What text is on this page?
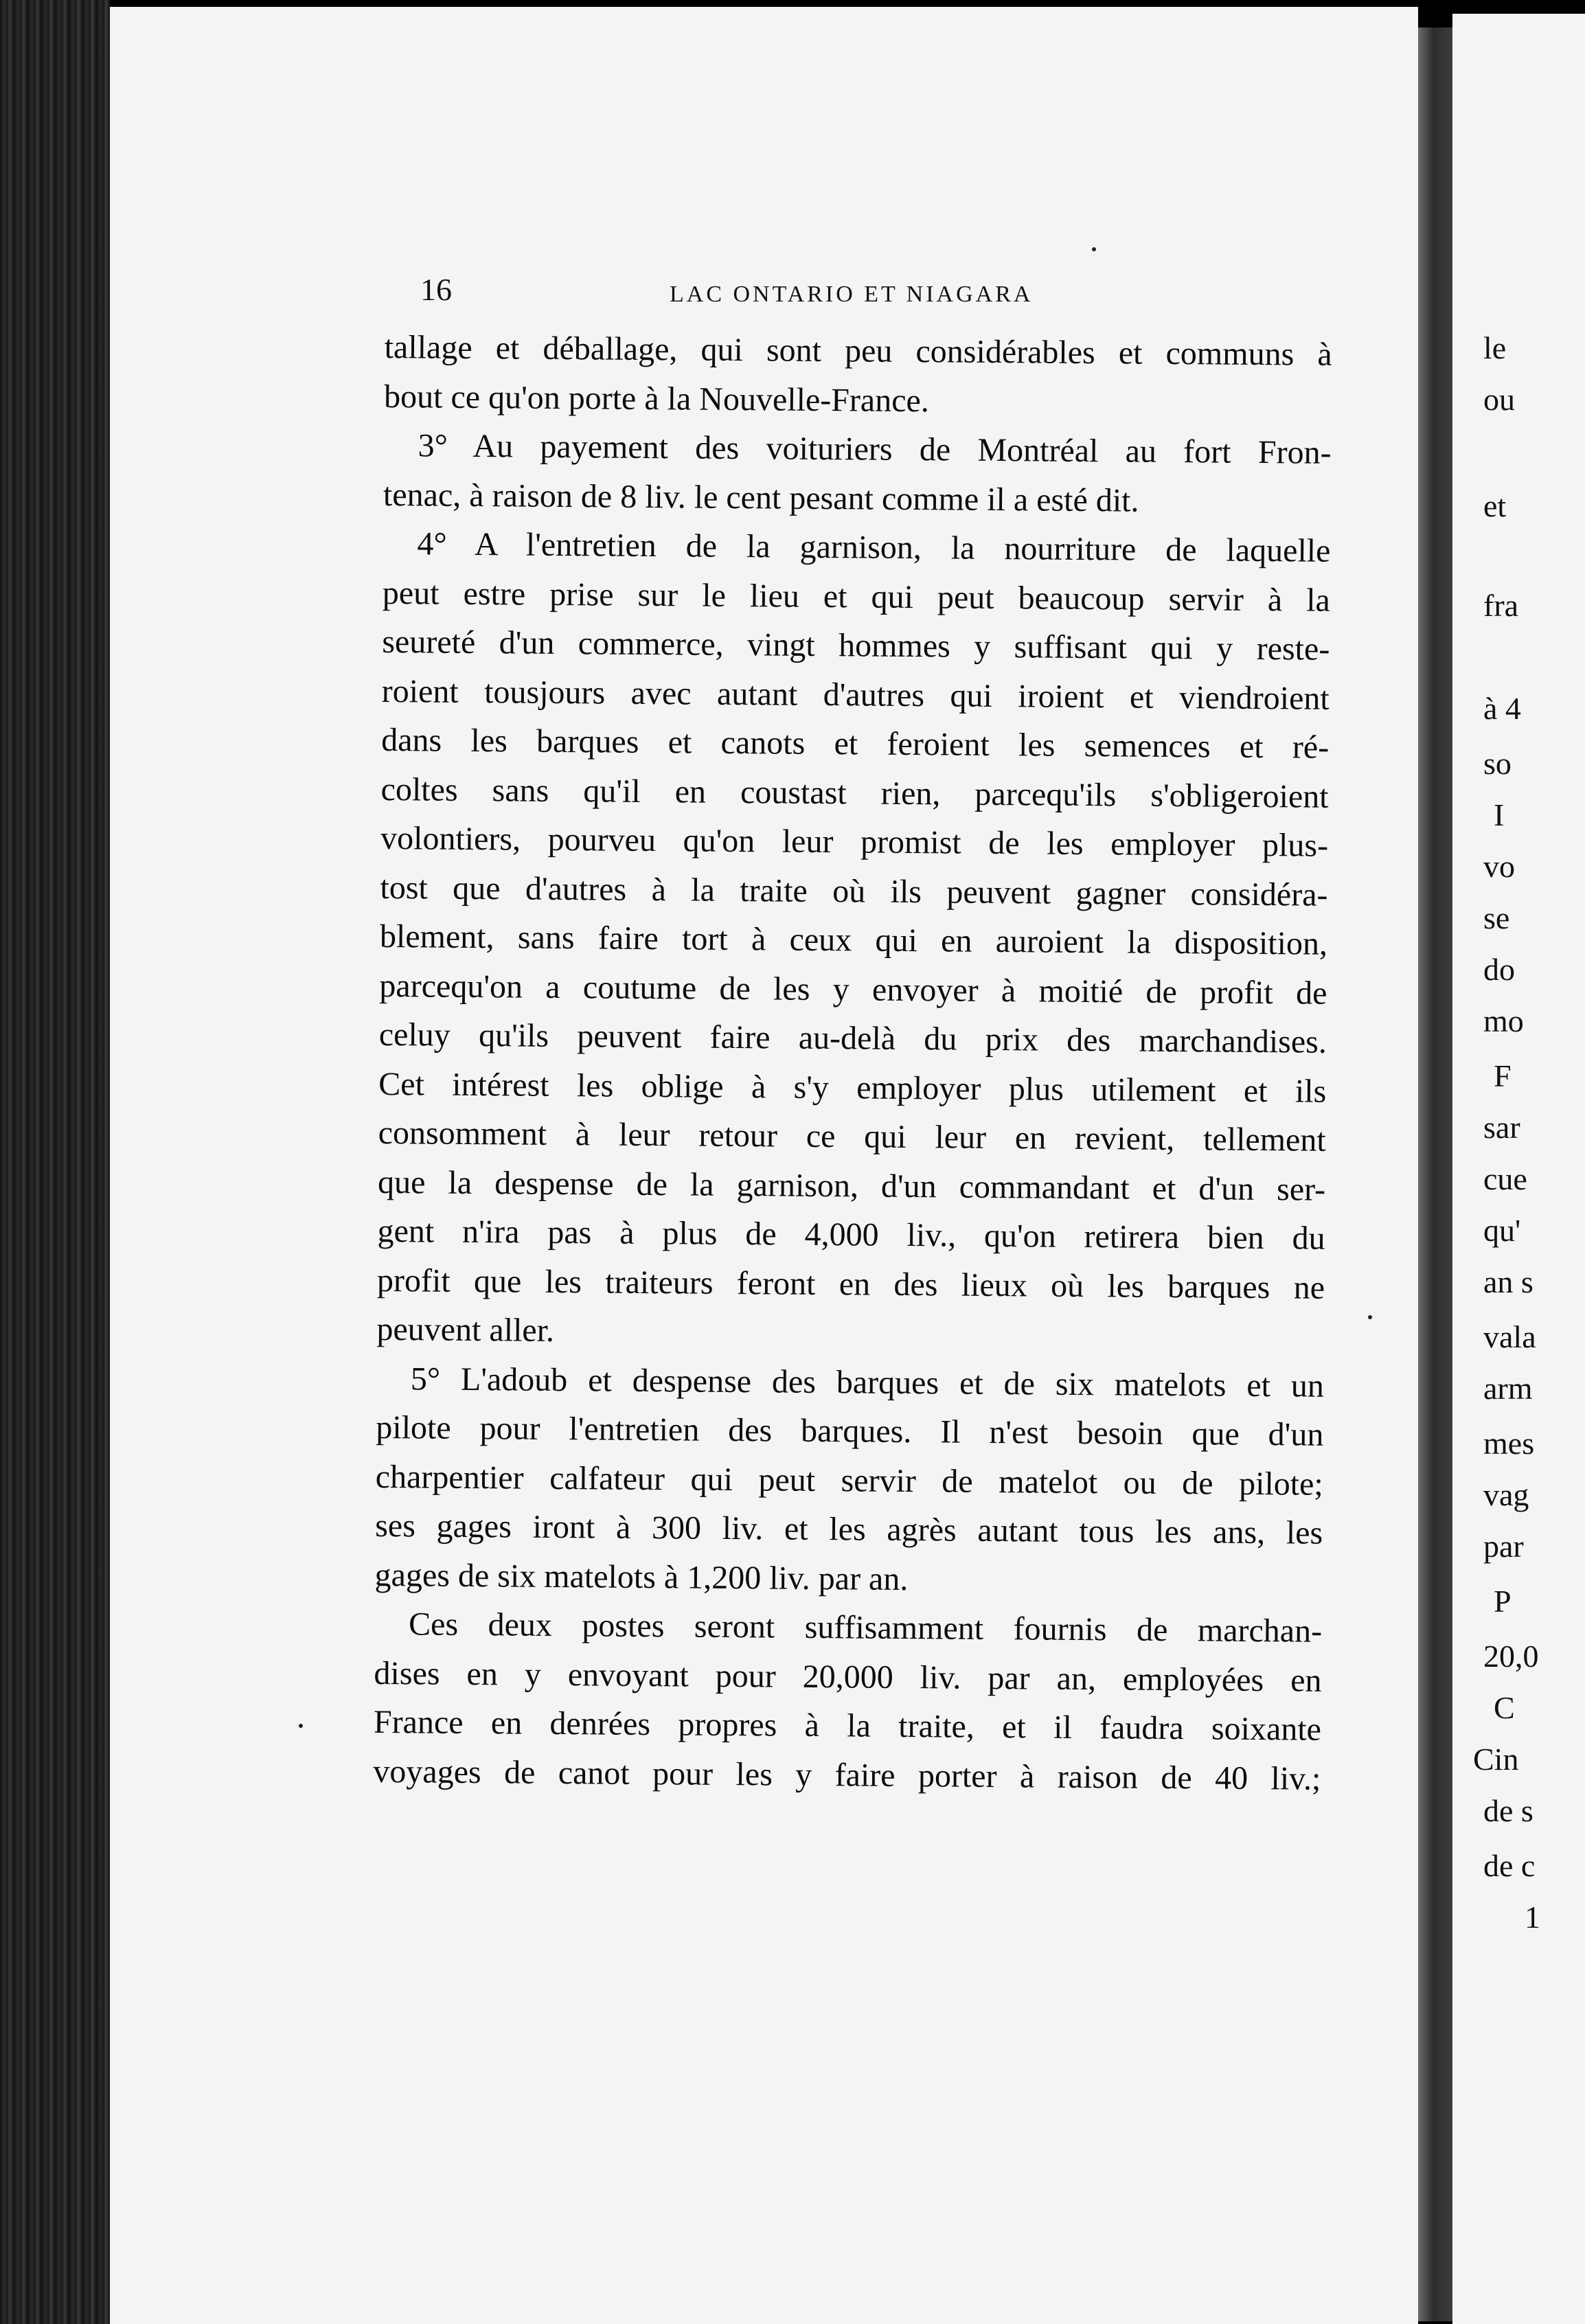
16	LAC ONTARIO ET NIAGARA
tallage et déballage, qui sont peu considérables et communs à
bout ce qu'on porte à la Nouvelle-France.
3° Au payement des voituriers de Montréal au fort Fron-
tenac, à raison de 8 liv. le cent pesant comme il a esté dit.
4° A l'entretien de la garnison, la nourriture de laquelle
peut estre prise sur le lieu et qui peut beaucoup servir à la
seureté d'un commerce, vingt hommes y suffisant qui y reste-
roient tousjours avec autant d'autres qui iroient et viendroient
dans les barques et canots et feroient les semences et ré-
coltes sans qu'il en coustast rien, parcequ'ils s'obligeroient
volontiers, pourveu qu'on leur promist de les employer plus-
tost que d'autres à la traite où ils peuvent gagner considéra-
blement, sans faire tort à ceux qui en auroient la disposition,
parcequ'on a coutume de les y envoyer à moitié de profit de
celuy qu'ils peuvent faire au-delà du prix des marchandises.
Cet intérest les oblige à s'y employer plus utilement et ils
consomment à leur retour ce qui leur en revient, tellement
que la despense de la garnison, d'un commandant et d'un ser-
gent n'ira pas à plus de 4,000 liv., qu'on retirera bien du
profit que les traiteurs feront en des lieux où les barques ne
peuvent aller.
5° L'adoub et despense des barques et de six matelots et un
pilote pour l'entretien des barques. Il n'est besoin que d'un
charpentier calfateur qui peut servir de matelot ou de pilote;
ses gages iront à 300 liv. et les agrès autant tous les ans, les
gages de six matelots à 1,200 liv. par an.
Ces deux postes seront suffisamment fournis de marchan-
dises en y envoyant pour 20,000 liv. par an, employées en
France en denrées propres à la traite, et il faudra soixante
voyages de canot pour les y faire porter à raison de 40 liv.;
le
ou
et
fra
à 4
so
I
vo
se
do
mo
F
sar
cue
qu'
an s
vala
arm
mes
vag
par
P
20,0
C
Cin
de s
de c
1
